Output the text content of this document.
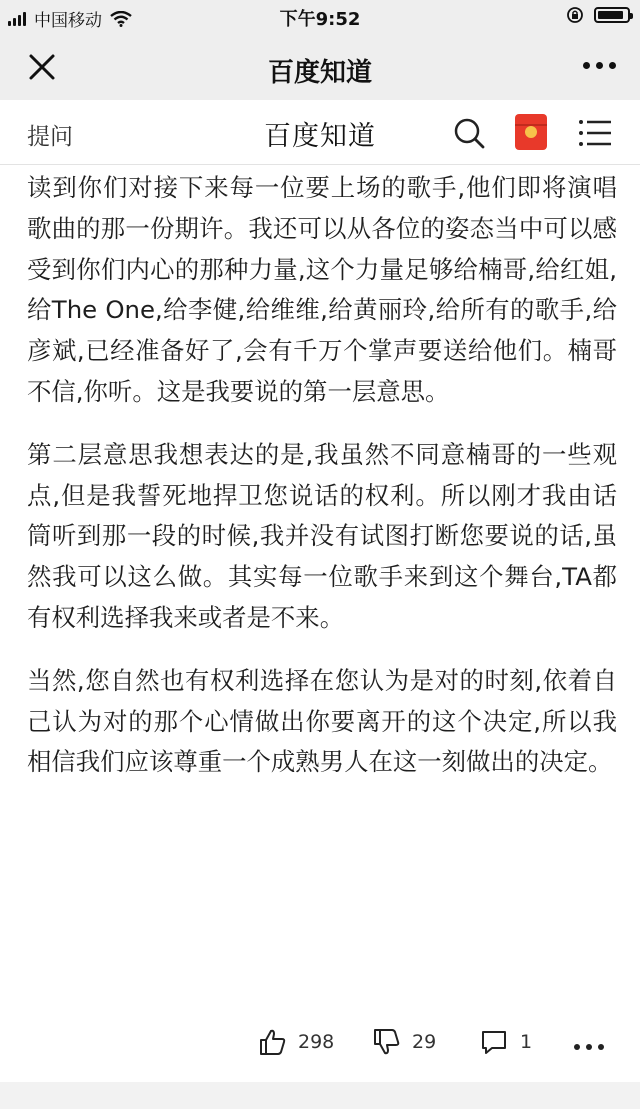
中国移动	下午9:52
百度知道
提问	百度知道

读到你们对接下来每一位要上场的歌手,他们即将演唱歌曲的那一份期许。我还可以从各位的姿态当中可以感受到你们内心的那种力量,这个力量足够给楠哥,给红姐,给The One,给李健,给维维,给黄丽玲,给所有的歌手,给彦斌,已经准备好了,会有千万个掌声要送给他们。楠哥不信,你听。这是我要说的第一层意思。

第二层意思我想表达的是,我虽然不同意楠哥的一些观点,但是我誓死地捍卫您说话的权利。所以刚才我由话筒听到那一段的时候,我并没有试图打断您要说的话,虽然我可以这么做。其实每一位歌手来到这个舞台,TA都有权利选择我来或者是不来。

当然,您自然也有权利选择在您认为是对的时刻,依着自己认为对的那个心情做出你要离开的这个决定,所以我相信我们应该尊重一个成熟男人在这一刻做出的决定。

298	29	1
